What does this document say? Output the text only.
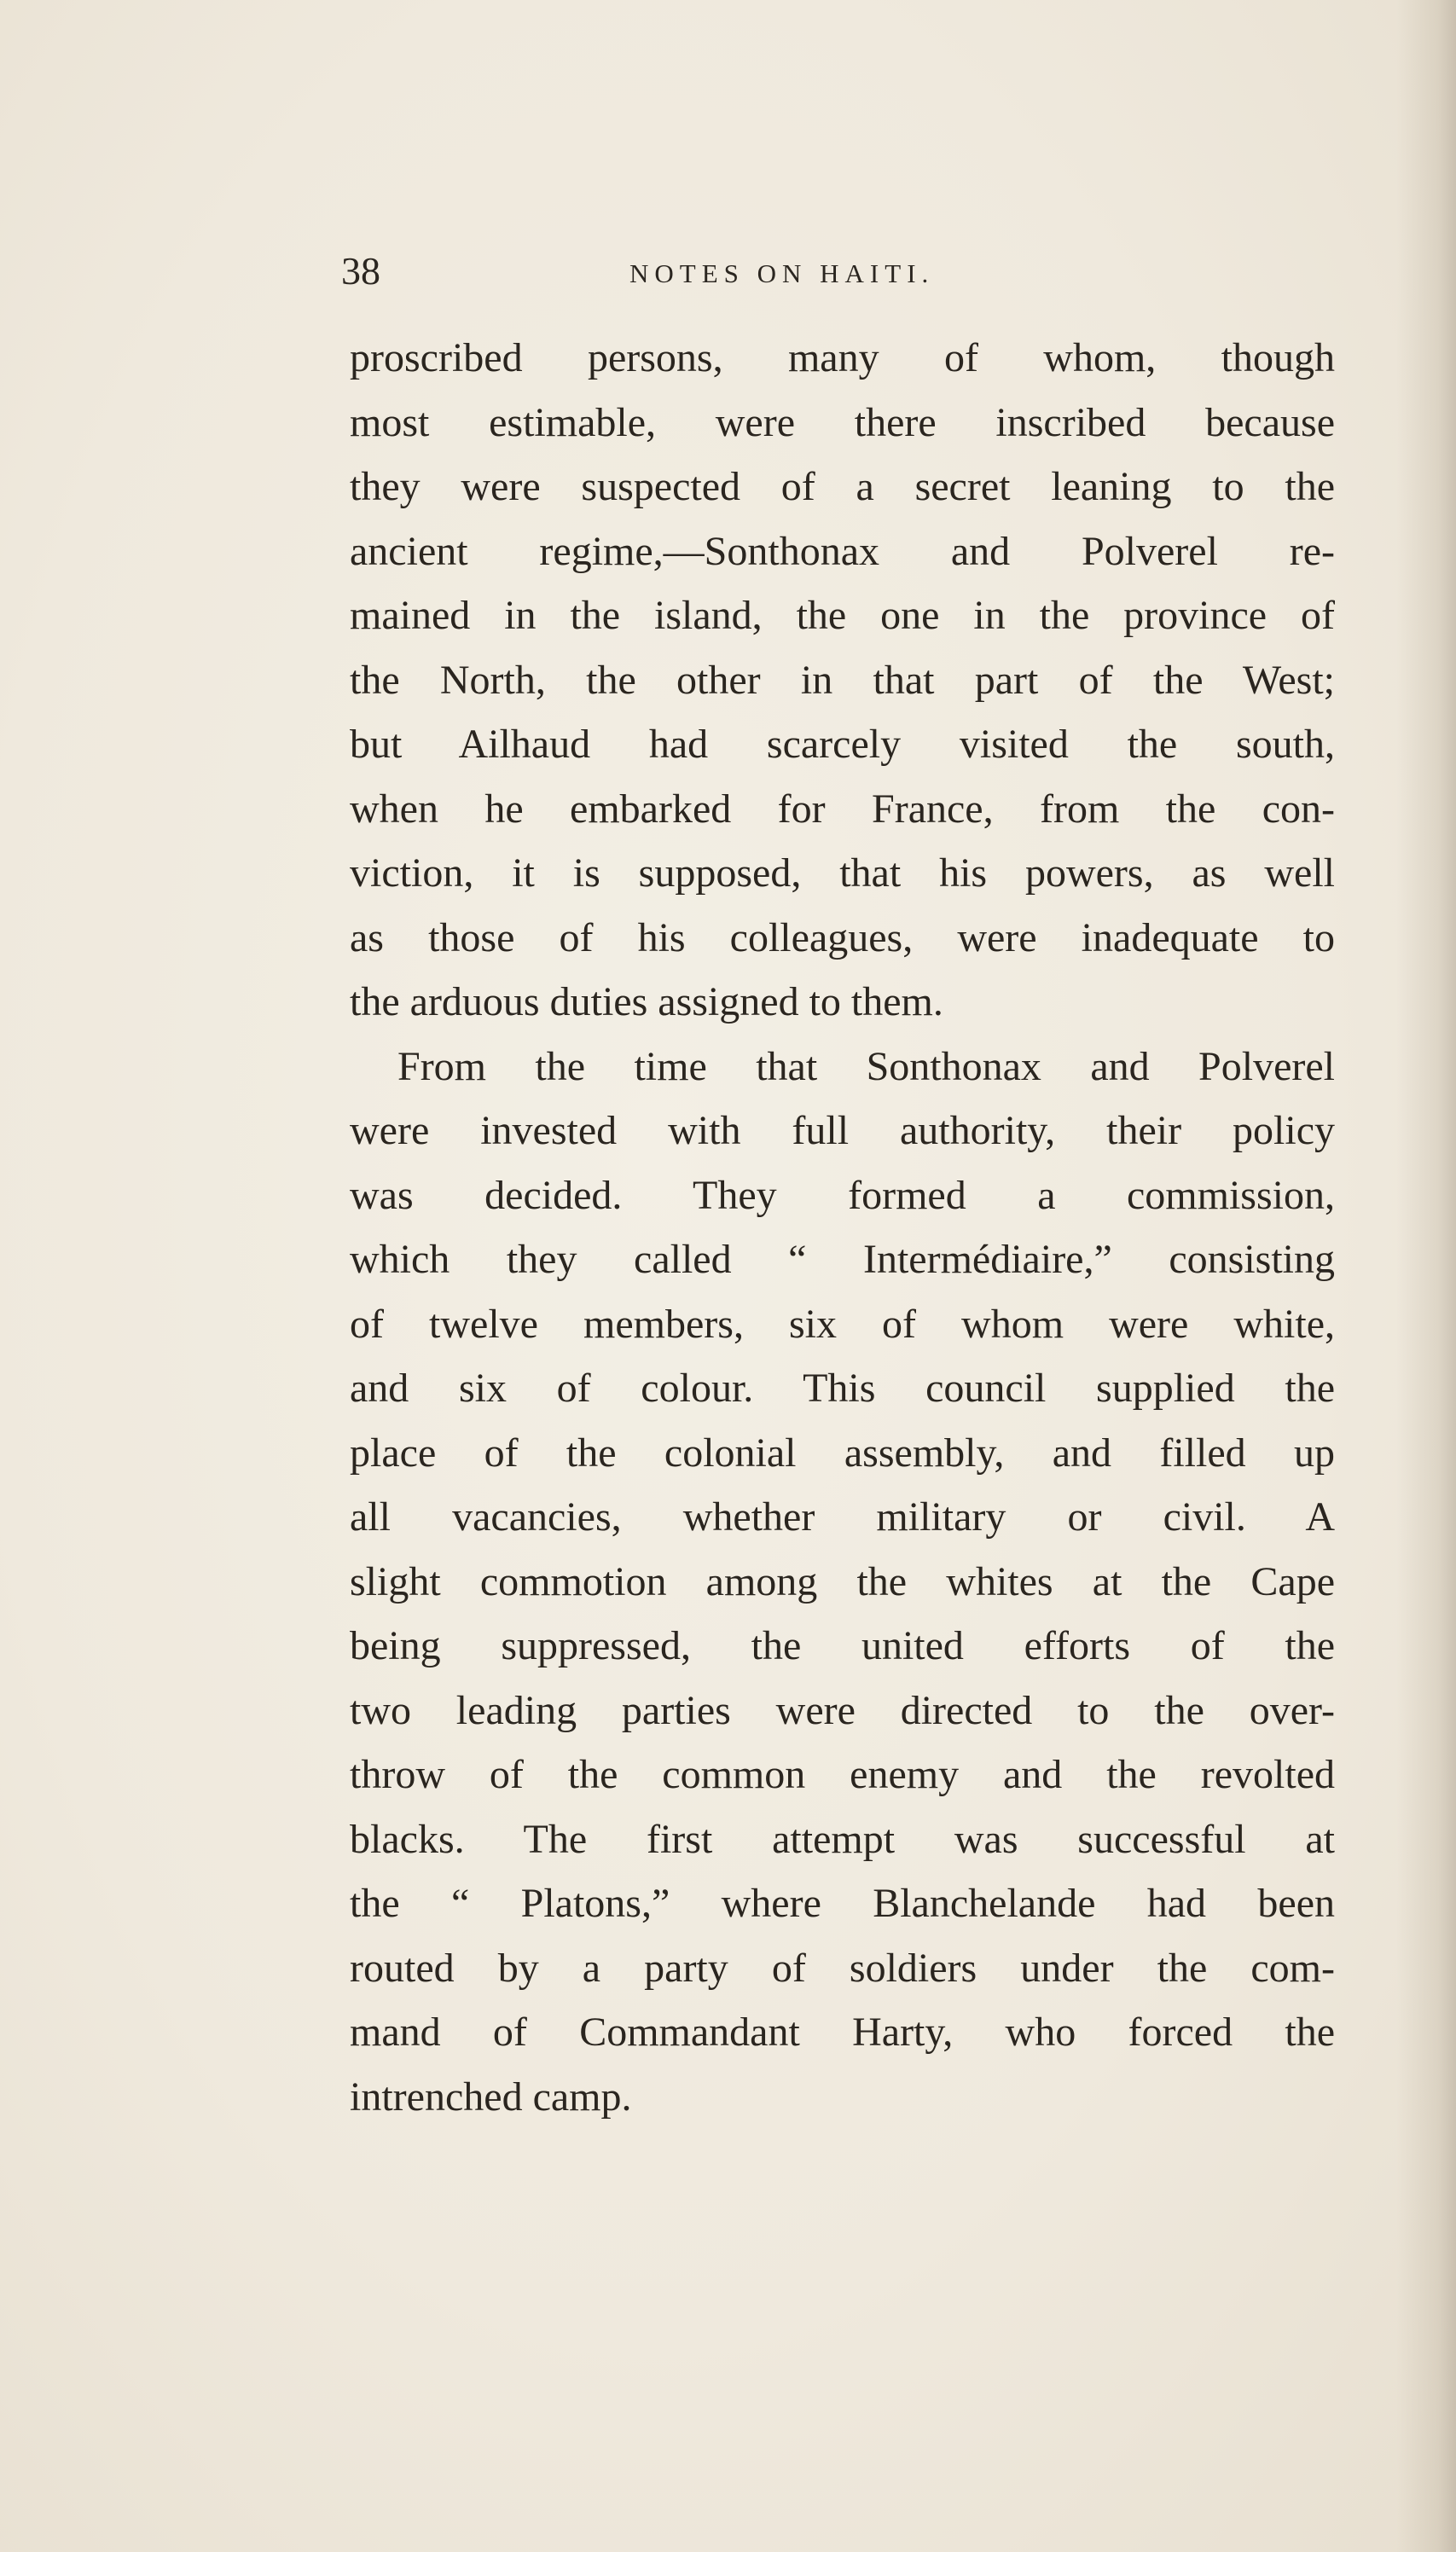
38	NOTES ON HAITI.
proscribed persons, many of whom, though
most estimable, were there inscribed because
they were suspected of a secret leaning to the
ancient regime,—Sonthonax and Polverel re-
mained in the island, the one in the province of
the North, the other in that part of the West;
but Ailhaud had scarcely visited the south,
when he embarked for France, from the con-
viction, it is supposed, that his powers, as well
as those of his colleagues, were inadequate to
the arduous duties assigned to them.
From the time that Sonthonax and Polverel
were invested with full authority, their policy
was decided. They formed a commission,
which they called “ Intermédiaire,” consisting
of twelve members, six of whom were white,
and six of colour. This council supplied the
place of the colonial assembly, and filled up
all vacancies, whether military or civil. A
slight commotion among the whites at the Cape
being suppressed, the united efforts of the
two leading parties were directed to the over-
throw of the common enemy and the revolted
blacks. The first attempt was successful at
the “ Platons,” where Blanchelande had been
routed by a party of soldiers under the com-
mand of Commandant Harty, who forced the
intrenched camp.
